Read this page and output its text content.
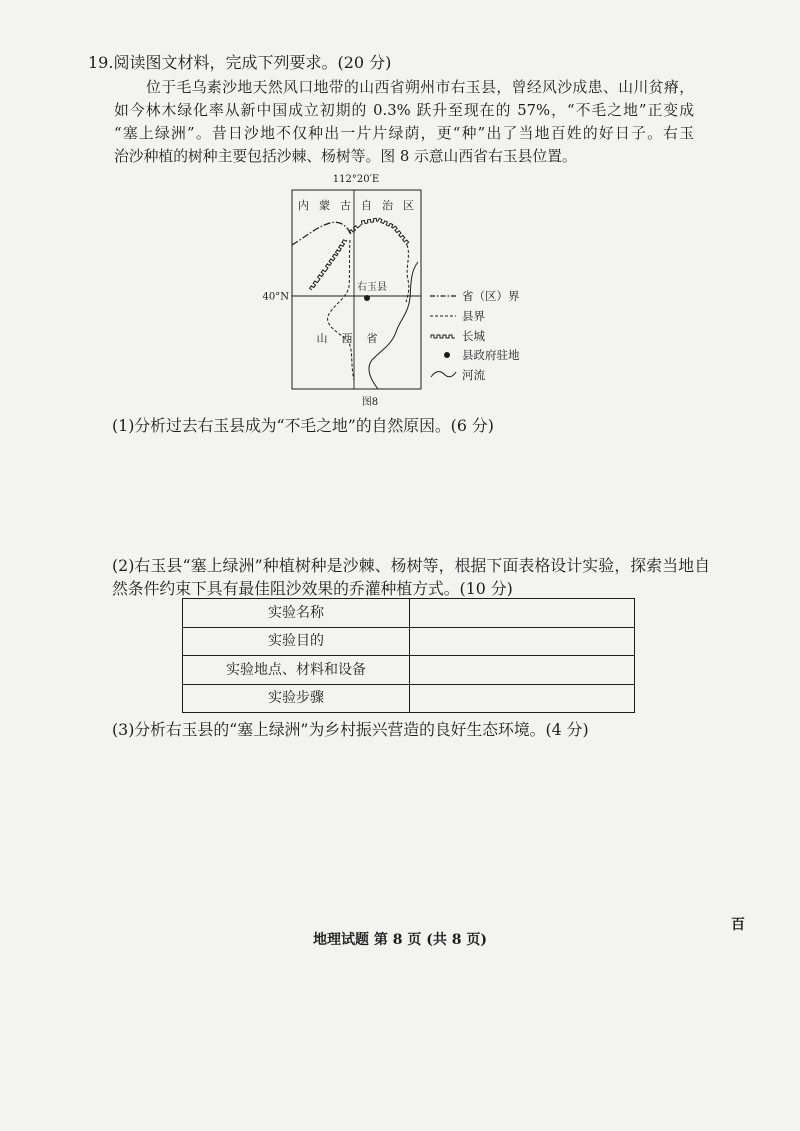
19.阅读图文材料，完成下列要求。(20 分)
位于毛乌素沙地天然风口地带的山西省朔州市右玉县，曾经风沙成患、山川贫瘠，
如今林木绿化率从新中国成立初期的 0.3% 跃升至现在的 57%，“不毛之地”正变成
“塞上绿洲”。昔日沙地不仅种出一片片绿荫，更“种”出了当地百姓的好日子。右玉
治沙种植的树种主要包括沙棘、杨树等。图 8 示意山西省右玉县位置。
112°20′E
40°N
内蒙古自治区
右玉县
山西省
省（区）界
县界
长城
县政府驻地
河流
图8
(1)分析过去右玉县成为“不毛之地”的自然原因。(6 分)
(2)右玉县“塞上绿洲”种植树种是沙棘、杨树等，根据下面表格设计实验，探索当地自
然条件约束下具有最佳阻沙效果的乔灌种植方式。(10 分)
实验名称	
实验目的	
实验地点、材料和设备	
实验步骤	
(3)分析右玉县的“塞上绿洲”为乡村振兴营造的良好生态环境。(4 分)
地理试题 第 8 页 (共 8 页)
百
